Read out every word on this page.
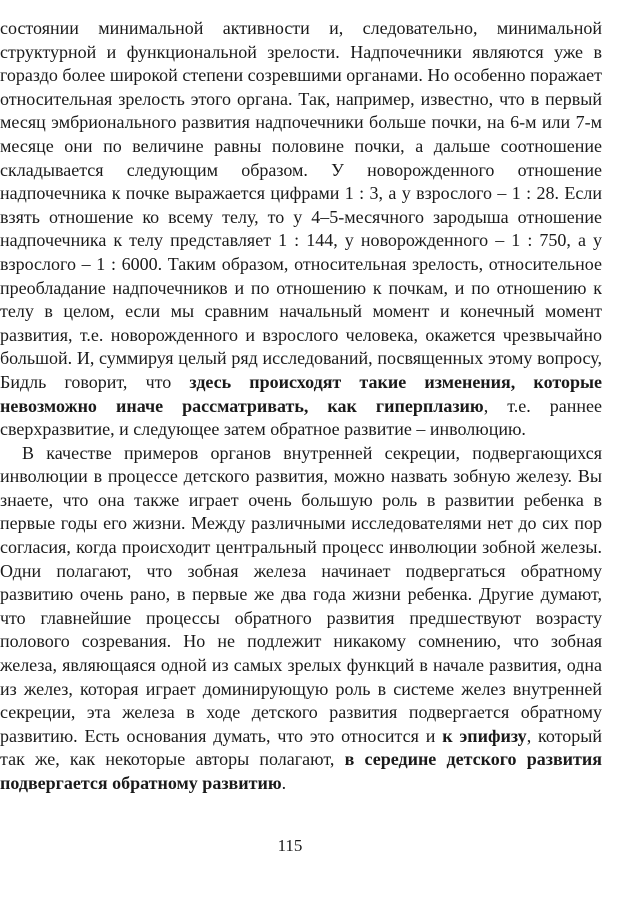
состоянии минимальной активности и, следовательно, минимальной структурной и функциональной зрелости. Надпочечники являются уже в гораздо более широкой степени созревшими органами. Но особенно поражает относительная зрелость этого органа. Так, например, известно, что в первый месяц эмбрионального развития надпочечники больше почки, на 6-м или 7-м месяце они по величине равны половине почки, а дальше соотношение складывается следующим образом. У новорожденного отношение надпочечника к почке выражается цифрами 1 : 3, а у взрослого – 1 : 28. Если взять отношение ко всему телу, то у 4–5-месячного зародыша отношение надпочечника к телу представляет 1 : 144, у новорожденного – 1 : 750, а у взрослого – 1 : 6000. Таким образом, относительная зрелость, относительное преобладание надпочечников и по отношению к почкам, и по отношению к телу в целом, если мы сравним начальный момент и конечный момент развития, т.е. новорожденного и взрослого человека, окажется чрезвычайно большой. И, суммируя целый ряд исследований, посвященных этому вопросу, Бидль говорит, что здесь происходят такие изменения, которые невозможно иначе рассматривать, как гиперплазию, т.е. раннее сверхразвитие, и следующее затем обратное развитие – инволюцию.

В качестве примеров органов внутренней секреции, подвергающихся инволюции в процессе детского развития, можно назвать зобную железу. Вы знаете, что она также играет очень большую роль в развитии ребенка в первые годы его жизни. Между различными исследователями нет до сих пор согласия, когда происходит центральный процесс инволюции зобной железы. Одни полагают, что зобная железа начинает подвергаться обратному развитию очень рано, в первые же два года жизни ребенка. Другие думают, что главнейшие процессы обратного развития предшествуют возрасту полового созревания. Но не подлежит никакому сомнению, что зобная железа, являющаяся одной из самых зрелых функций в начале развития, одна из желез, которая играет доминирующую роль в системе желез внутренней секреции, эта железа в ходе детского развития подвергается обратному развитию. Есть основания думать, что это относится и к эпифизу, который так же, как некоторые авторы полагают, в середине детского развития подвергается обратному развитию.

115
